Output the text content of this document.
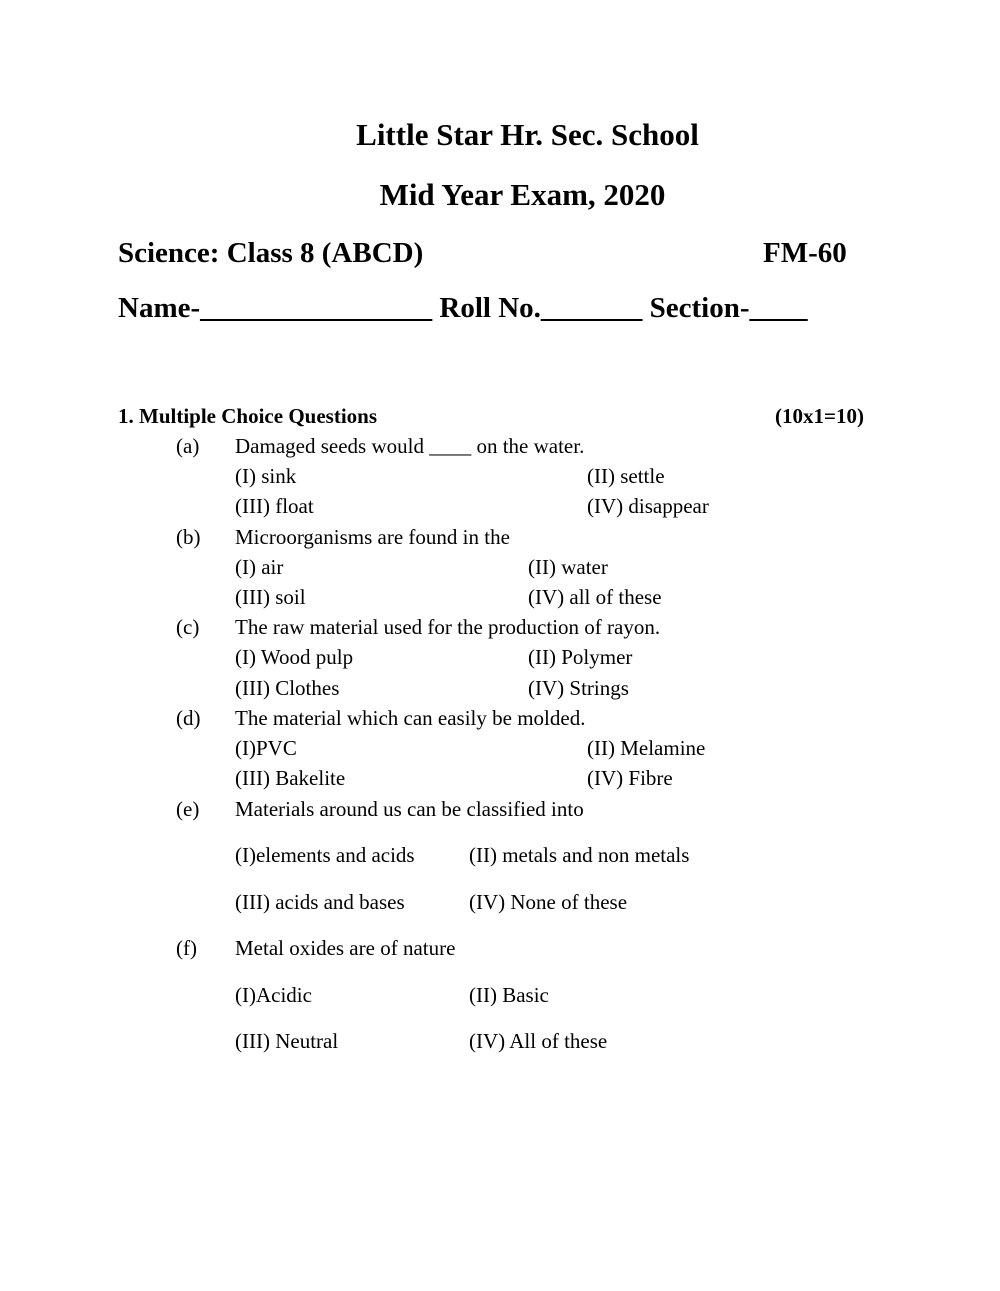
Little Star Hr. Sec. School
Mid Year Exam, 2020
Science: Class 8 (ABCD)	FM-60
Name-________________ Roll No._______ Section-____
1. Multiple Choice Questions	(10x1=10)
(a) Damaged seeds would ____ on the water.
(I) sink	(II) settle
(III) float	(IV) disappear
(b) Microorganisms are found in the
(I) air	(II) water
(III) soil	(IV) all of these
(c) The raw material used for the production of rayon.
(I) Wood pulp	(II) Polymer
(III) Clothes	(IV) Strings
(d) The material which can easily be molded.
(I)PVC	(II) Melamine
(III) Bakelite	(IV) Fibre
(e) Materials around us can be classified into
(I)elements and acids	(II) metals and non metals
(III) acids and bases	(IV) None of these
(f) Metal oxides are of nature
(I)Acidic	(II) Basic
(III) Neutral	(IV) All of these
